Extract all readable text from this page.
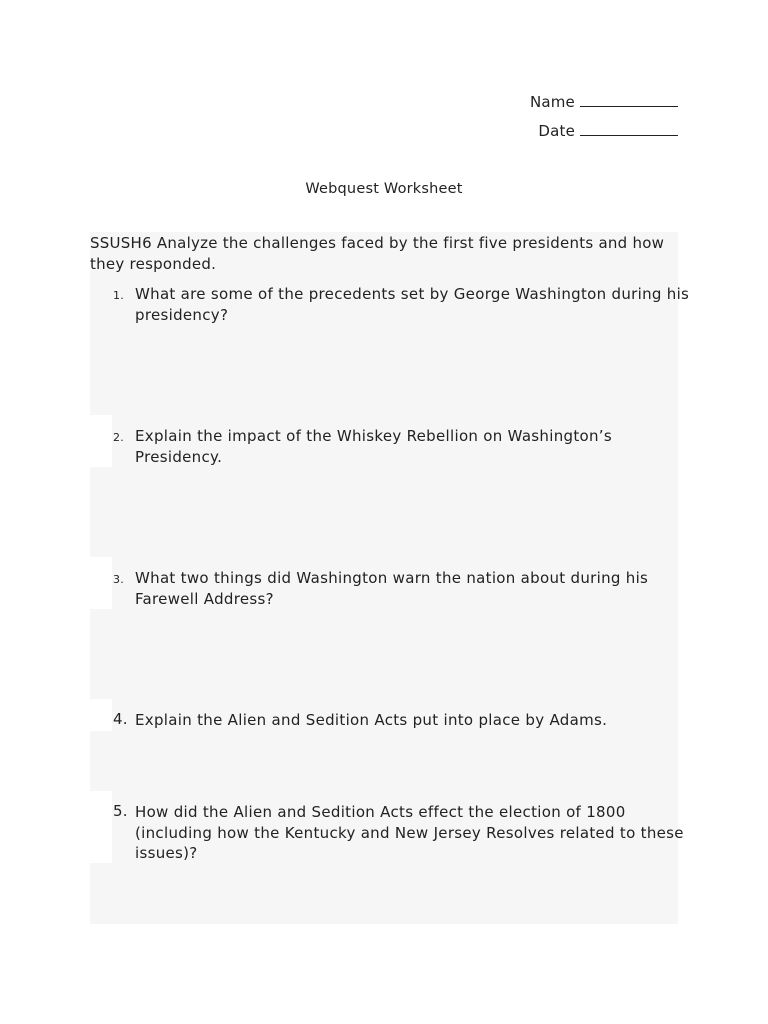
Name
Date
Webquest Worksheet
SSUSH6 Analyze the challenges faced by the first five presidents and how they responded.
1. What are some of the precedents set by George Washington during his presidency?
2. Explain the impact of the Whiskey Rebellion on Washington’s Presidency.
3. What two things did Washington warn the nation about during his Farewell Address?
4. Explain the Alien and Sedition Acts put into place by Adams.
5. How did the Alien and Sedition Acts effect the election of 1800 (including how the Kentucky and New Jersey Resolves related to these issues)?
